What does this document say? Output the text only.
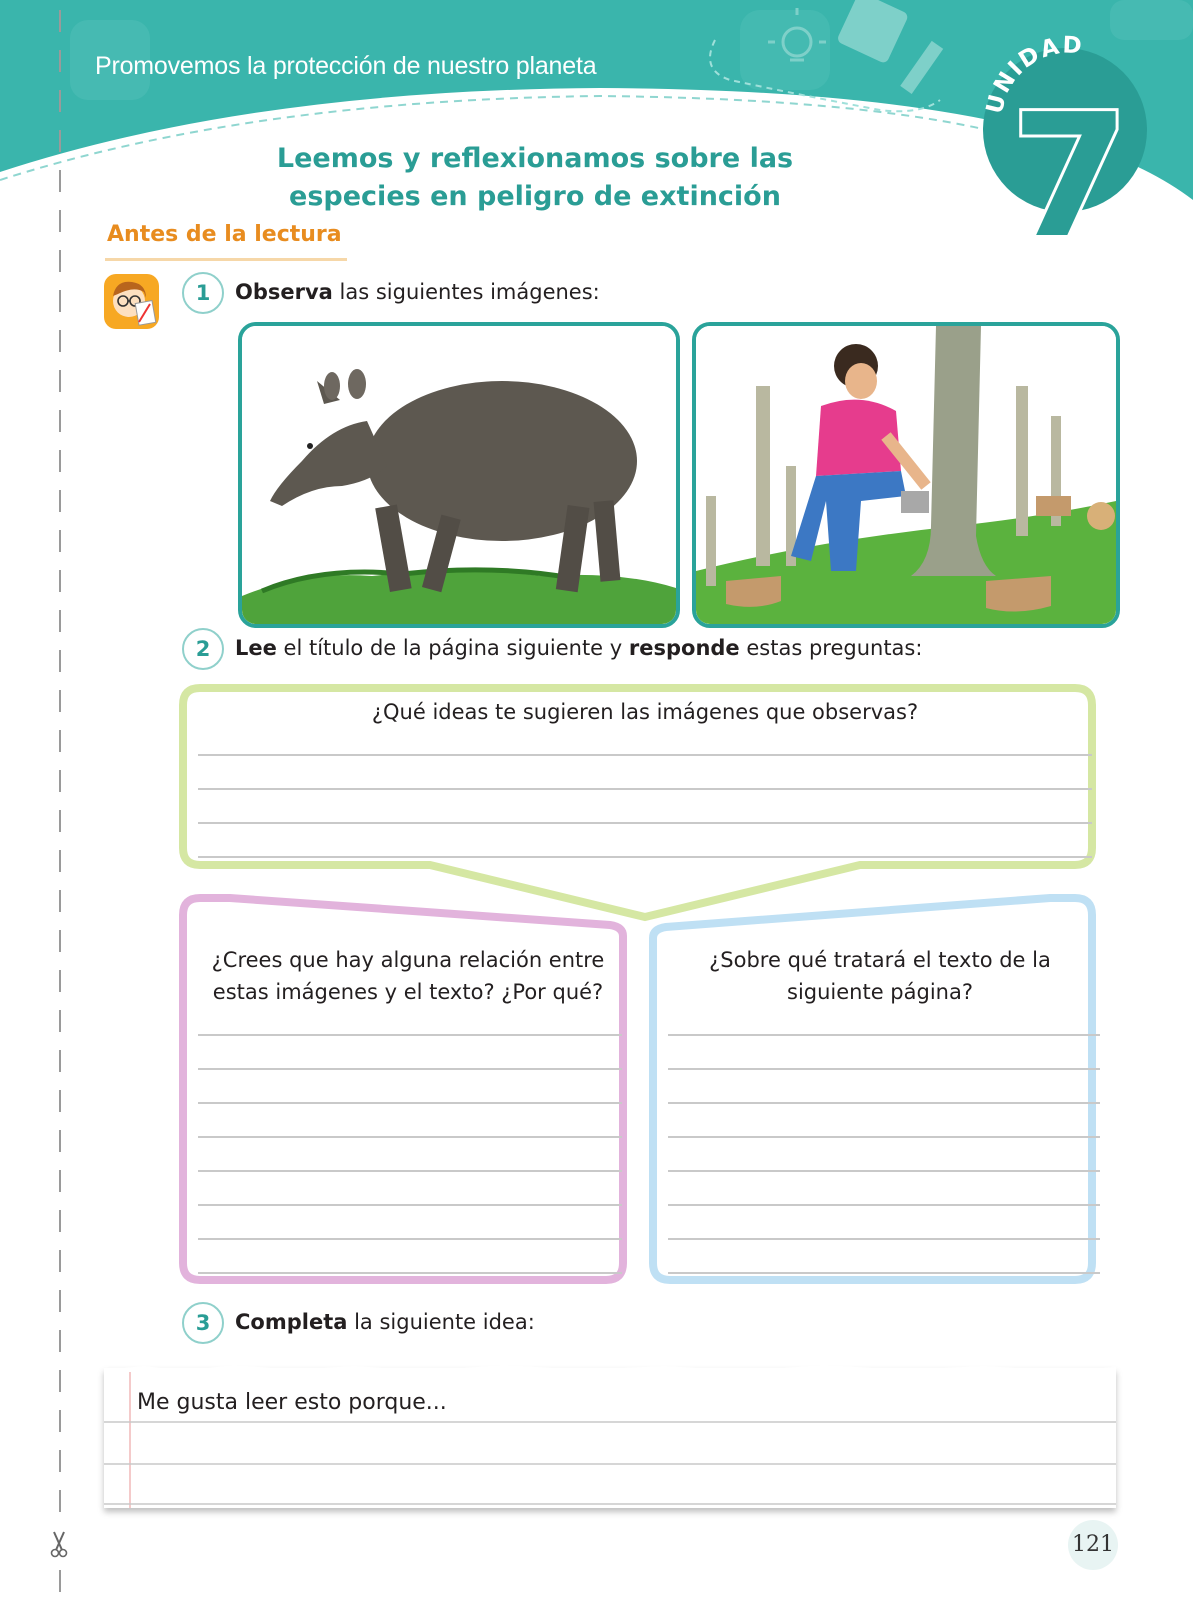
Promovemos la protección de nuestro planeta
UNIDAD
7
Leemos y reflexionamos sobre las
especies en peligro de extinción
Antes de la lectura
1	Observa las siguientes imágenes:
2	Lee el título de la página siguiente y responde estas preguntas:
¿Qué ideas te sugieren las imágenes que observas?
¿Crees que hay alguna relación entre
estas imágenes y el texto? ¿Por qué?
¿Sobre qué tratará el texto de la
siguiente página?
3	Completa la siguiente idea:
Me gusta leer esto porque...
121
